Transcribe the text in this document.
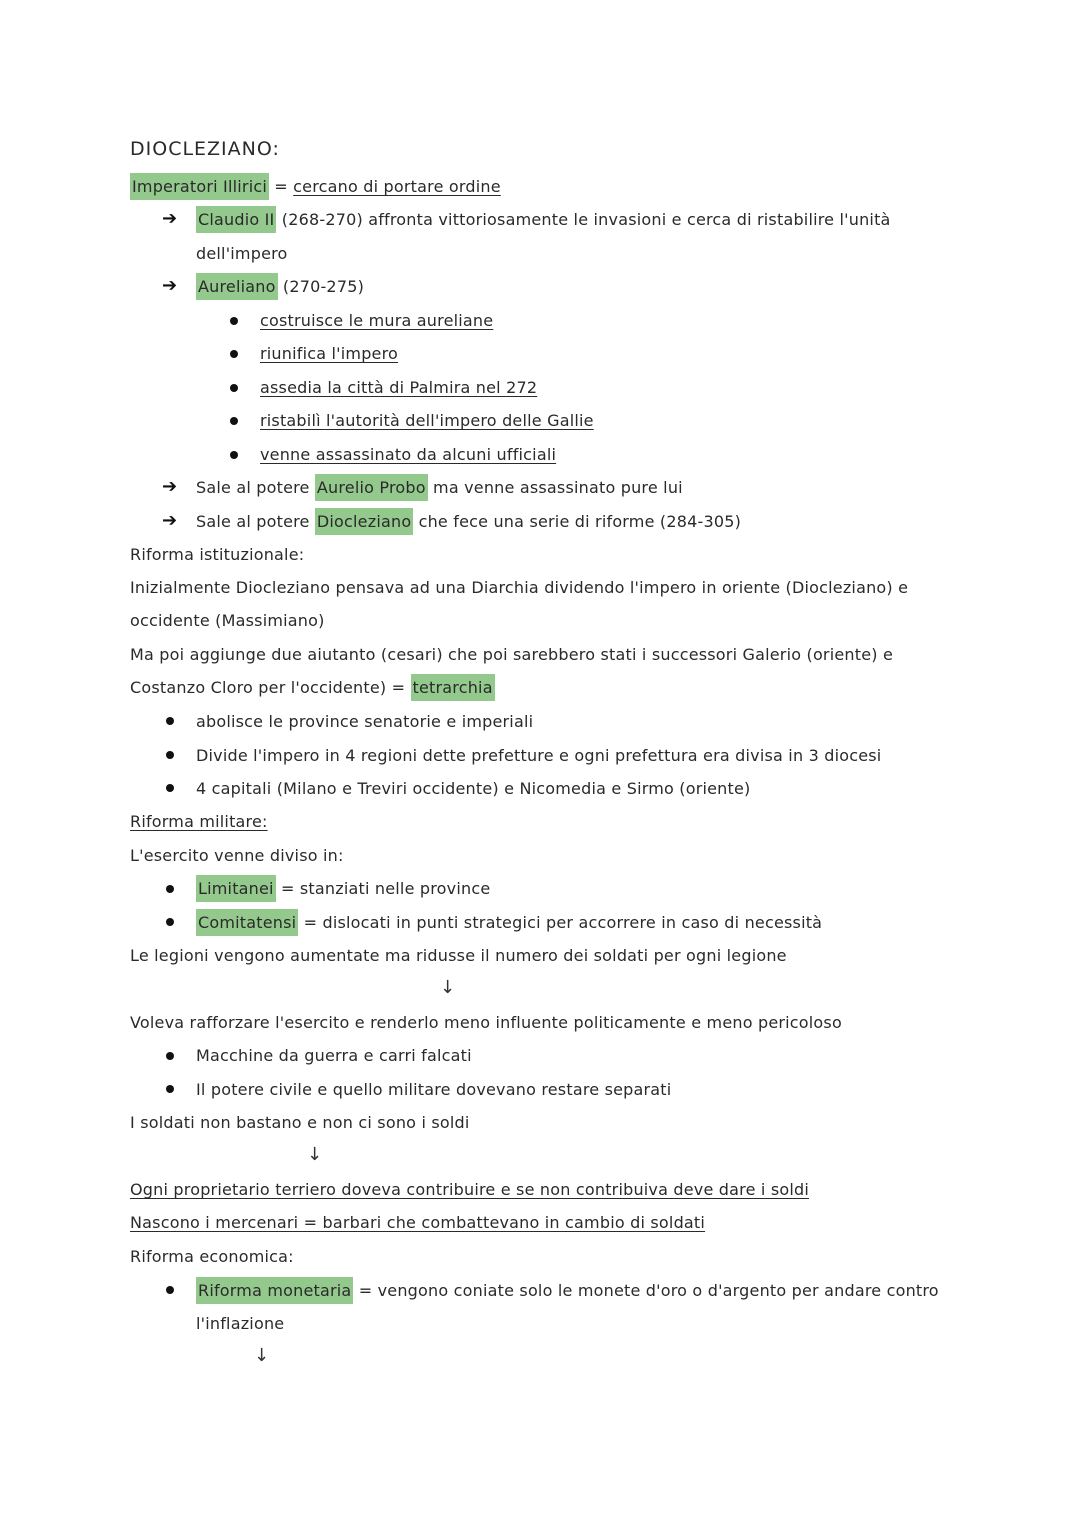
DIOCLEZIANO:
Imperatori Illirici = cercano di portare ordine
➔ Claudio II (268-270) affronta vittoriosamente le invasioni e cerca di ristabilire l'unità
dell'impero
➔ Aureliano (270-275)
costruisce le mura aureliane
riunifica l'impero
assedia la città di Palmira nel 272
ristabilì l'autorità dell'impero delle Gallie
venne assassinato da alcuni ufficiali
➔ Sale al potere Aurelio Probo ma venne assassinato pure lui
➔ Sale al potere Diocleziano che fece una serie di riforme (284-305)
Riforma istituzionale:
Inizialmente Diocleziano pensava ad una Diarchia dividendo l'impero in oriente (Diocleziano) e
occidente (Massimiano)
Ma poi aggiunge due aiutanto (cesari) che poi sarebbero stati i successori Galerio (oriente) e
Costanzo Cloro per l'occidente) = tetrarchia
abolisce le province senatorie e imperiali
Divide l'impero in 4 regioni dette prefetture e ogni prefettura era divisa in 3 diocesi
4 capitali (Milano e Treviri occidente) e Nicomedia e Sirmo (oriente)
Riforma militare:
L'esercito venne diviso in:
Limitanei = stanziati nelle province
Comitatensi = dislocati in punti strategici per accorrere in caso di necessità
Le legioni vengono aumentate ma ridusse il numero dei soldati per ogni legione
↓
Voleva rafforzare l'esercito e renderlo meno influente politicamente e meno pericoloso
Macchine da guerra e carri falcati
Il potere civile e quello militare dovevano restare separati
I soldati non bastano e non ci sono i soldi
↓
Ogni proprietario terriero doveva contribuire e se non contribuiva deve dare i soldi
Nascono i mercenari = barbari che combattevano in cambio di soldati
Riforma economica:
Riforma monetaria = vengono coniate solo le monete d'oro o d'argento per andare contro
l'inflazione
↓
